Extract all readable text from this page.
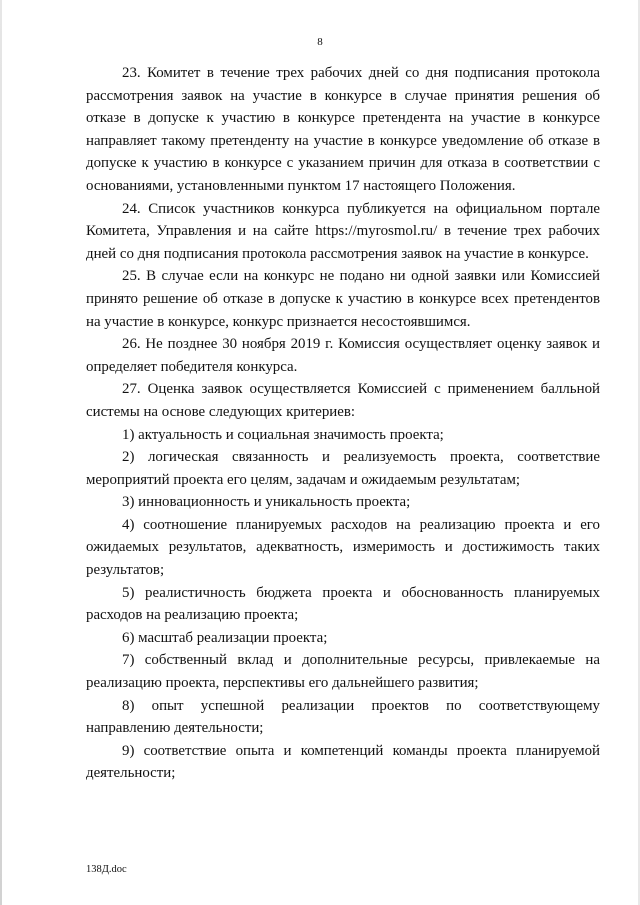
8

23. Комитет в течение трех рабочих дней со дня подписания протокола рассмотрения заявок на участие в конкурсе в случае принятия решения об отказе в допуске к участию в конкурсе претендента на участие в конкурсе направляет такому претенденту на участие в конкурсе уведомление об отказе в допуске к участию в конкурсе с указанием причин для отказа в соответствии с основаниями, установленными пунктом 17 настоящего Положения.

24. Список участников конкурса публикуется на официальном портале Комитета, Управления и на сайте https://myrosmol.ru/ в течение трех рабочих дней со дня подписания протокола рассмотрения заявок на участие в конкурсе.

25. В случае если на конкурс не подано ни одной заявки или Комиссией принято решение об отказе в допуске к участию в конкурсе всех претендентов на участие в конкурсе, конкурс признается несостоявшимся.

26. Не позднее 30 ноября 2019 г. Комиссия осуществляет оценку заявок и определяет победителя конкурса.

27. Оценка заявок осуществляется Комиссией с применением балльной системы на основе следующих критериев:

1) актуальность и социальная значимость проекта;

2) логическая связанность и реализуемость проекта, соответствие мероприятий проекта его целям, задачам и ожидаемым результатам;

3) инновационность и уникальность проекта;

4) соотношение планируемых расходов на реализацию проекта и его ожидаемых результатов, адекватность, измеримость и достижимость таких результатов;

5) реалистичность бюджета проекта и обоснованность планируемых расходов на реализацию проекта;

6) масштаб реализации проекта;

7) собственный вклад и дополнительные ресурсы, привлекаемые на реализацию проекта, перспективы его дальнейшего развития;

8) опыт успешной реализации проектов по соответствующему направлению деятельности;

9) соответствие опыта и компетенций команды проекта планируемой деятельности;

138Д.doc
